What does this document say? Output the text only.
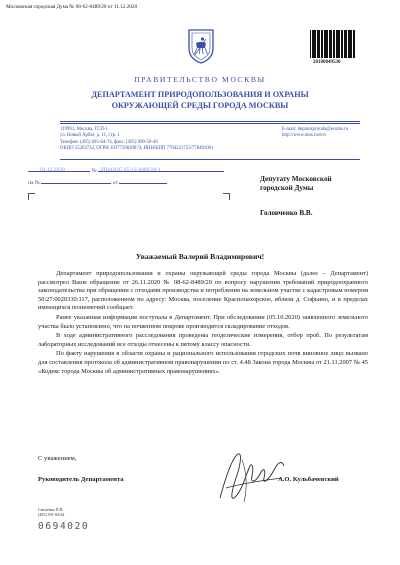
Московская городская Дума № 08-62-8489/20 от 11.12.2020
20100049530
ПРАВИТЕЛЬСТВО МОСКВЫ
ДЕПАРТАМЕНТ ПРИРОДОПОЛЬЗОВАНИЯ И ОХРАНЫ
ОКРУЖАЮЩЕЙ СРЕДЫ ГОРОДА МОСКВЫ
119991, Москва, ГСП-1
ул. Новый Арбат, д. 11, стр. 1
Телефон: (495) 695-64-74, факс: (495) 690-58-48
ОКПО 55263732, ОГРН 1037739839074, ИНН/КПП 7704221753/770401001
E-mail: depmospriroda@ecoms.ru
http://www.mos.ru/eco
№
01.12.2020	ДПиООС 05-13-8489/20-1
на №	от	Депутату Московской
городской Думы
Головченко В.В.
Уважаемый Валерий Владимирович!

Департамент природопользования и охраны окружающей среды города Москвы (далее – Департамент) рассмотрел Ваше обращение от 26.11.2020 № 08-62-8489/20 по вопросу нарушения требований природоохранного законодательства при обращении с отходами производства и потребления на земельном участке с кадастровым номером 50:27:0020330:117, расположенном по адресу: Москва, поселение Краснопахорское, вблизи д. Софьино, и в пределах имеющихся полномочий сообщает.

Ранее указанная информация поступала в Департамент. При обследовании (05.10.2020) заявленного земельного участка было установлено, что на почвенном покрове производится складирование отходов.

В ходе административного расследования проведены геодезические измерения, отбор проб. По результатам лабораторных исследований все отходы отнесены к пятому классу опасности.

По факту нарушения в области охраны и рационального использования городских почв виновное лицо вызвано для составления протокола об административном правонарушении по ст. 4.48 Закона города Москвы от 21.11.2007 № 45 «Кодекс города Москвы об административных правонарушениях».

С уважением,
Руководитель Департамента	А.О. Кульбачевский
Смоленко П.В.
(495) 591-84-64
0694020
